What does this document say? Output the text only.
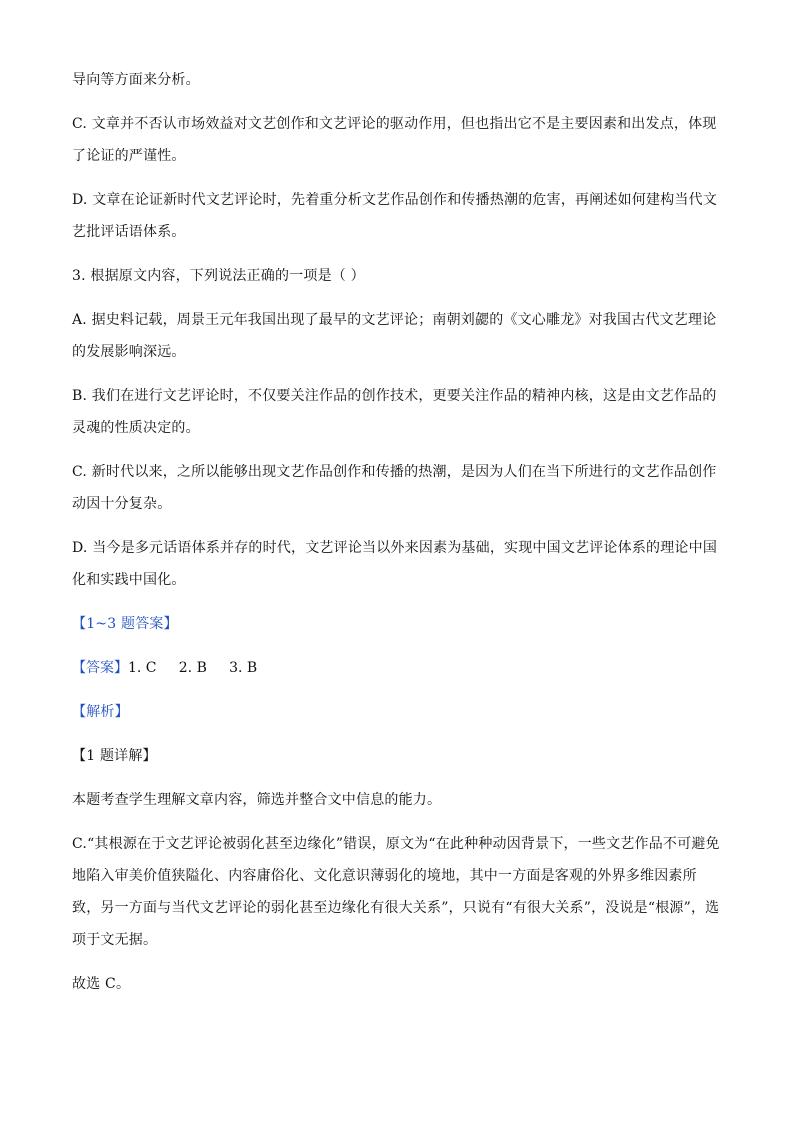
导向等方面来分析。

C. 文章并不否认市场效益对文艺创作和文艺评论的驱动作用，但也指出它不是主要因素和出发点，体现了论证的严谨性。

D. 文章在论证新时代文艺评论时，先着重分析文艺作品创作和传播热潮的危害，再阐述如何建构当代文艺批评话语体系。

3. 根据原文内容，下列说法正确的一项是（ ）

A. 据史料记载，周景王元年我国出现了最早的文艺评论；南朝刘勰的《文心雕龙》对我国古代文艺理论的发展影响深远。

B. 我们在进行文艺评论时，不仅要关注作品的创作技术，更要关注作品的精神内核，这是由文艺作品的灵魂的性质决定的。

C. 新时代以来，之所以能够出现文艺作品创作和传播的热潮，是因为人们在当下所进行的文艺作品创作动因十分复杂。

D. 当今是多元话语体系并存的时代，文艺评论当以外来因素为基础，实现中国文艺评论体系的理论中国化和实践中国化。

【1~3 题答案】

【答案】1. C     2. B     3. B

【解析】

【1 题详解】

本题考查学生理解文章内容，筛选并整合文中信息的能力。

C.“其根源在于文艺评论被弱化甚至边缘化”错误，原文为“在此种种动因背景下，一些文艺作品不可避免地陷入审美价值狭隘化、内容庸俗化、文化意识薄弱化的境地，其中一方面是客观的外界多维因素所致，另一方面与当代文艺评论的弱化甚至边缘化有很大关系”，只说有“有很大关系”，没说是“根源”，选项于文无据。

故选 C。
